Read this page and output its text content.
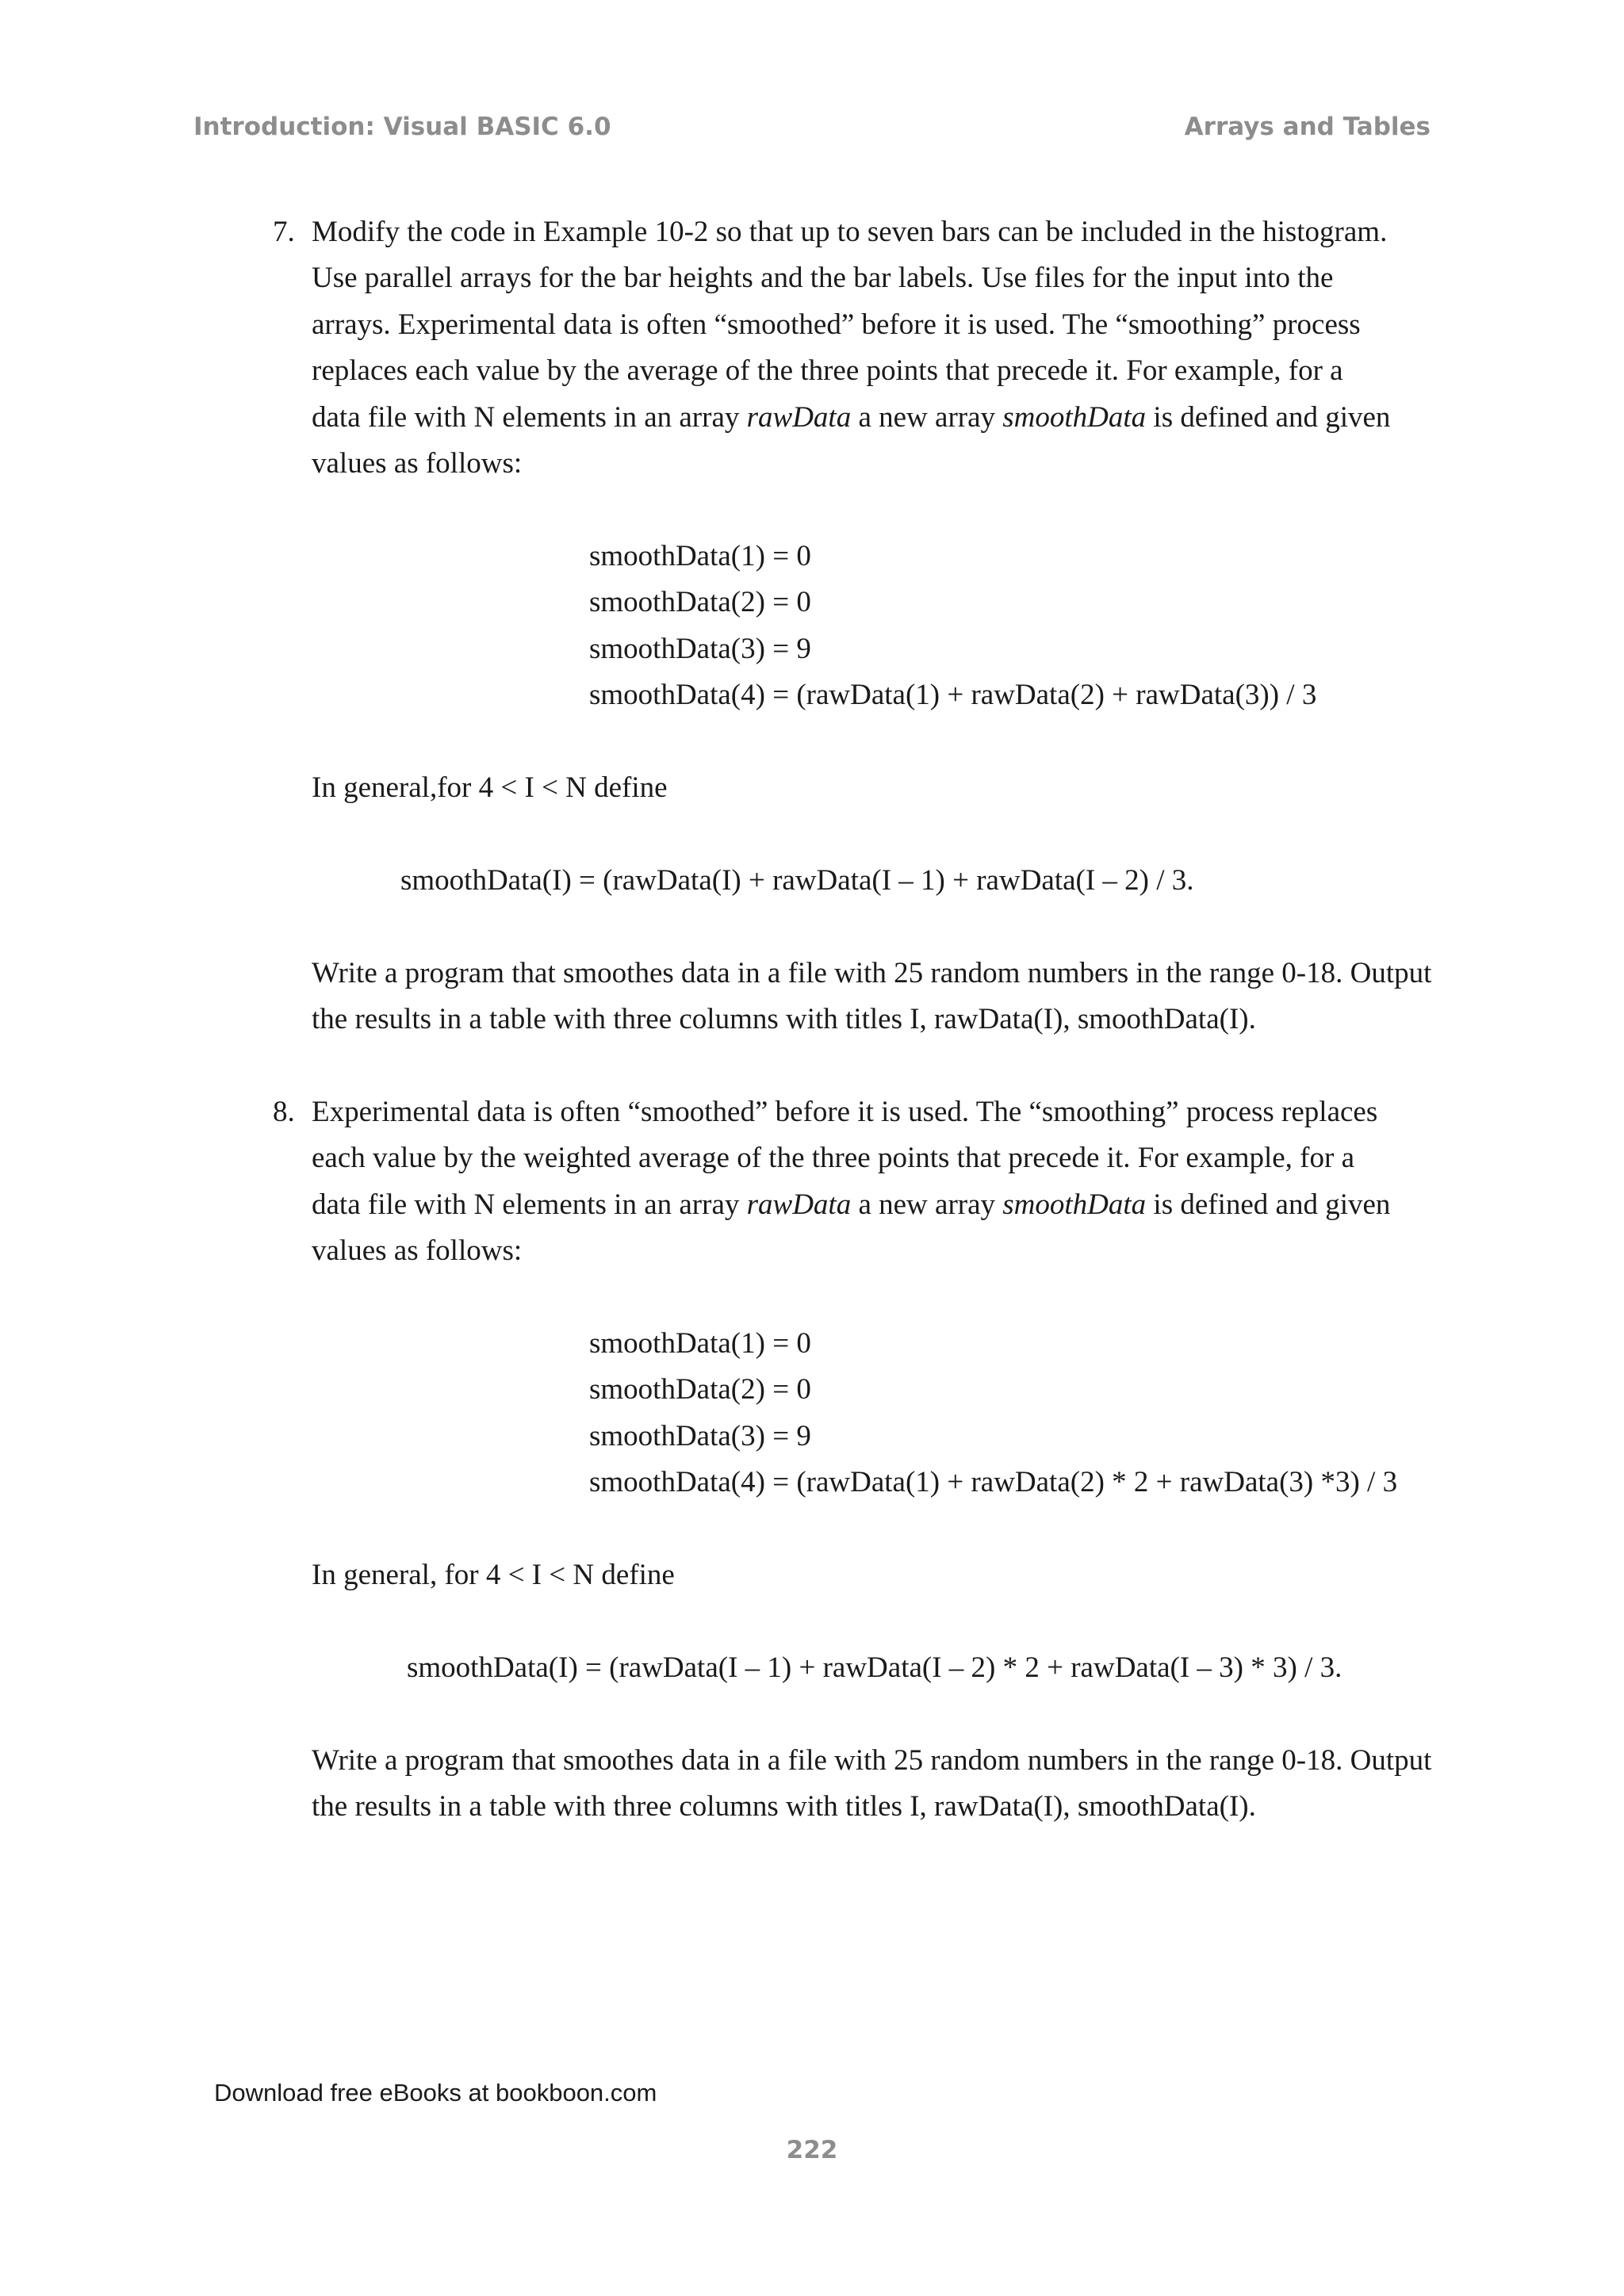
Introduction: Visual BASIC 6.0	Arrays and Tables
7. Modify the code in Example 10-2 so that up to seven bars can be included in the histogram.
Use parallel arrays for the bar heights and the bar labels. Use files for the input into the
arrays. Experimental data is often “smoothed” before it is used. The “smoothing” process
replaces each value by the average of the three points that precede it. For example, for a
data file with N elements in an array rawData a new array smoothData is defined and given
values as follows:
smoothData(1) = 0
smoothData(2) = 0
smoothData(3) = 9
smoothData(4) = (rawData(1) + rawData(2) + rawData(3)) / 3
In general,for 4 < I < N define
smoothData(I) = (rawData(I) + rawData(I – 1) + rawData(I – 2) / 3.
Write a program that smoothes data in a file with 25 random numbers in the range 0-18. Output
the results in a table with three columns with titles I, rawData(I), smoothData(I).
8. Experimental data is often “smoothed” before it is used. The “smoothing” process replaces
each value by the weighted average of the three points that precede it. For example, for a
data file with N elements in an array rawData a new array smoothData is defined and given
values as follows:
smoothData(1) = 0
smoothData(2) = 0
smoothData(3) = 9
smoothData(4) = (rawData(1) + rawData(2) * 2 + rawData(3) *3) / 3
In general, for 4 < I < N define
smoothData(I) = (rawData(I – 1) + rawData(I – 2) * 2 + rawData(I – 3) * 3) / 3.
Write a program that smoothes data in a file with 25 random numbers in the range 0-18. Output
the results in a table with three columns with titles I, rawData(I), smoothData(I).
Download free eBooks at bookboon.com
222
